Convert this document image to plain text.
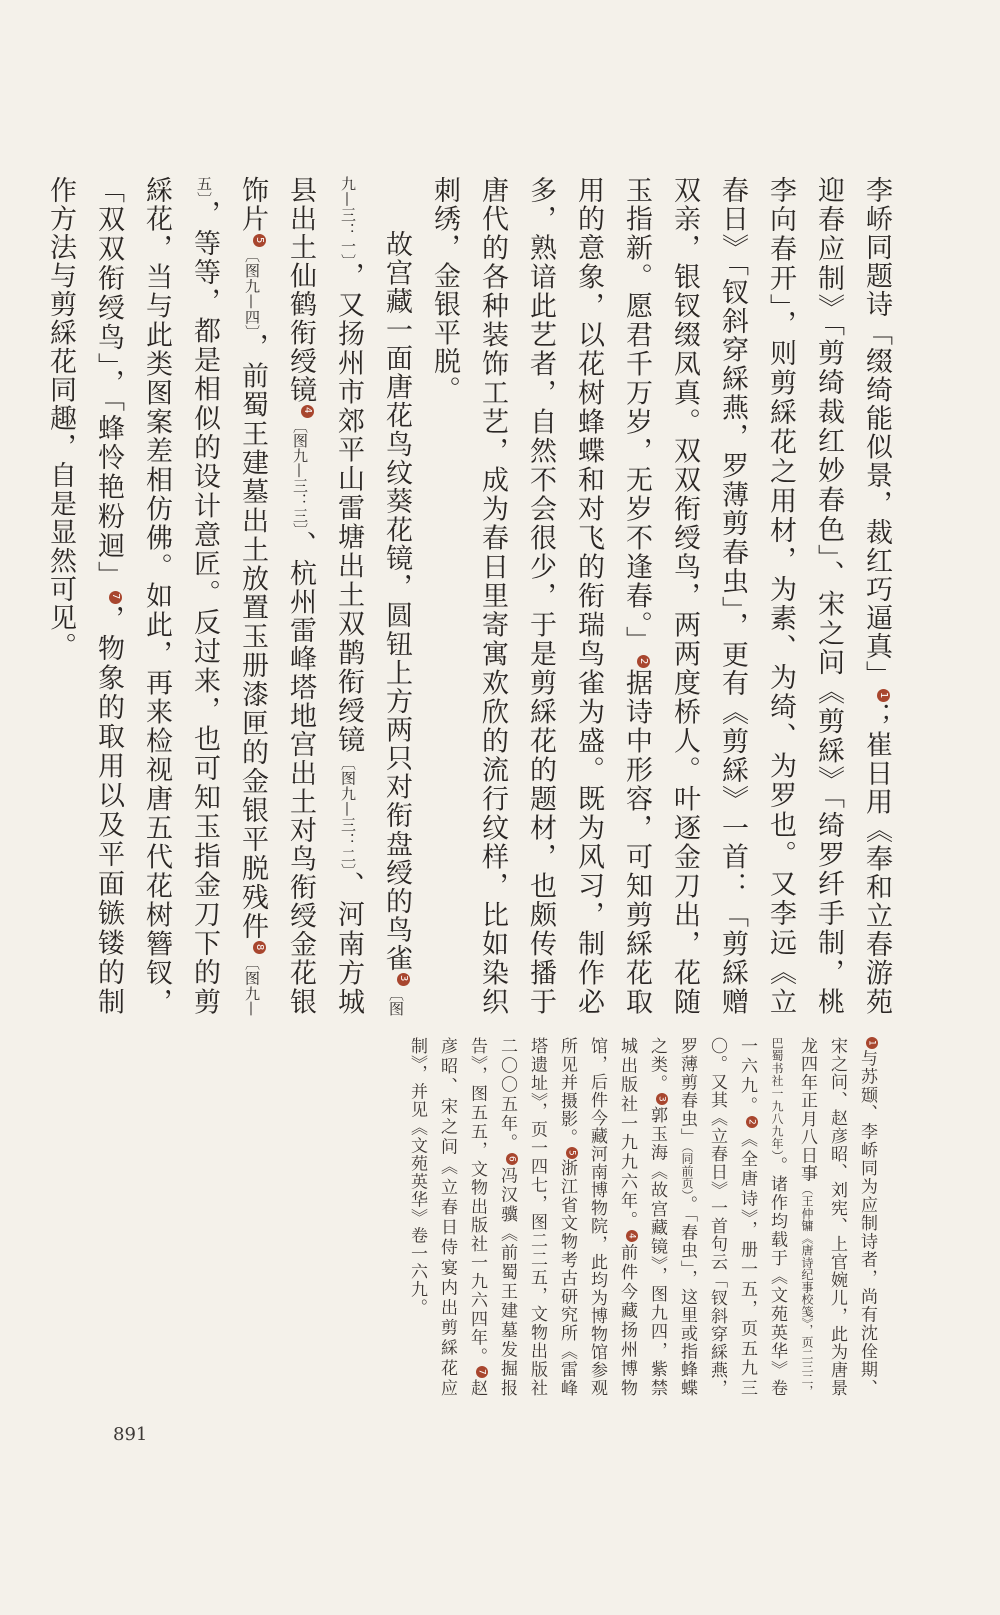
李峤同题诗「缀绮能似景，裁红巧逼真」1；崔日用《奉和立春游苑迎春应制》「剪绮裁红妙春色」、宋之问《剪綵》「绮罗纤手制，桃李向春开」，则剪綵花之用材，为素、为绮、为罗也。又李远《立春日》「钗斜穿綵燕，罗薄剪春虫」，更有《剪綵》一首：「剪綵赠双亲，银钗缀凤真。双双衔绶鸟，两两度桥人。叶逐金刀出，花随玉指新。愿君千万岁，无岁不逢春。」2据诗中形容，可知剪綵花取用的意象，以花树蜂蝶和对飞的衔瑞鸟雀为盛。既为风习，制作必多，熟谙此艺者，自然不会很少，于是剪綵花的题材，也颇传播于唐代的各种装饰工艺，成为春日里寄寓欢欣的流行纹样，比如染织刺绣，金银平脱。

故宫藏一面唐花鸟纹葵花镜，圆钮上方两只对衔盘绶的鸟雀3〔图九—三：一〕，又扬州市郊平山雷塘出土双鹊衔绶镜〔图九—三：二〕、河南方城县出土仙鹤衔绶镜4〔图九—三：三〕、杭州雷峰塔地宫出土对鸟衔绶金花银饰片5〔图九—四〕，前蜀王建墓出土放置玉册漆匣的金银平脱残件8〔图九—五〕，等等，都是相似的设计意匠。反过来，也可知玉指金刀下的剪綵花，当与此类图案差相仿佛。如此，再来检视唐五代花树簪钗，「双双衔绶鸟」，「蜂怜艳粉迴」7，物象的取用以及平面镞镂的制作方法与剪綵花同趣，自是显然可见。

1与苏颋、李峤同为应制诗者，尚有沈佺期、宋之问、赵彦昭、刘宪、上官婉儿，此为唐景龙四年正月八日事（王仲镛《唐诗纪事校笺》，页二三二，巴蜀书社一九八九年）。诸作均载于《文苑英华》卷一六九。2《全唐诗》，册一五，页五九三〇。又其《立春日》一首句云「钗斜穿綵燕，罗薄剪春虫」（同前页）。「春虫」，这里或指蜂蝶之类。3郭玉海《故宫藏镜》，图九四，紫禁城出版社一九九六年。4前件今藏扬州博物馆，后件今藏河南博物院，此均为博物馆参观所见并摄影。5浙江省文物考古研究所《雷峰塔遗址》，页一四七，图二二五，文物出版社二〇〇五年。6冯汉骥《前蜀王建墓发掘报告》，图五五，文物出版社一九六四年。7赵彦昭、宋之问《立春日侍宴内出剪綵花应制》，并见《文苑英华》卷一六九。

891
